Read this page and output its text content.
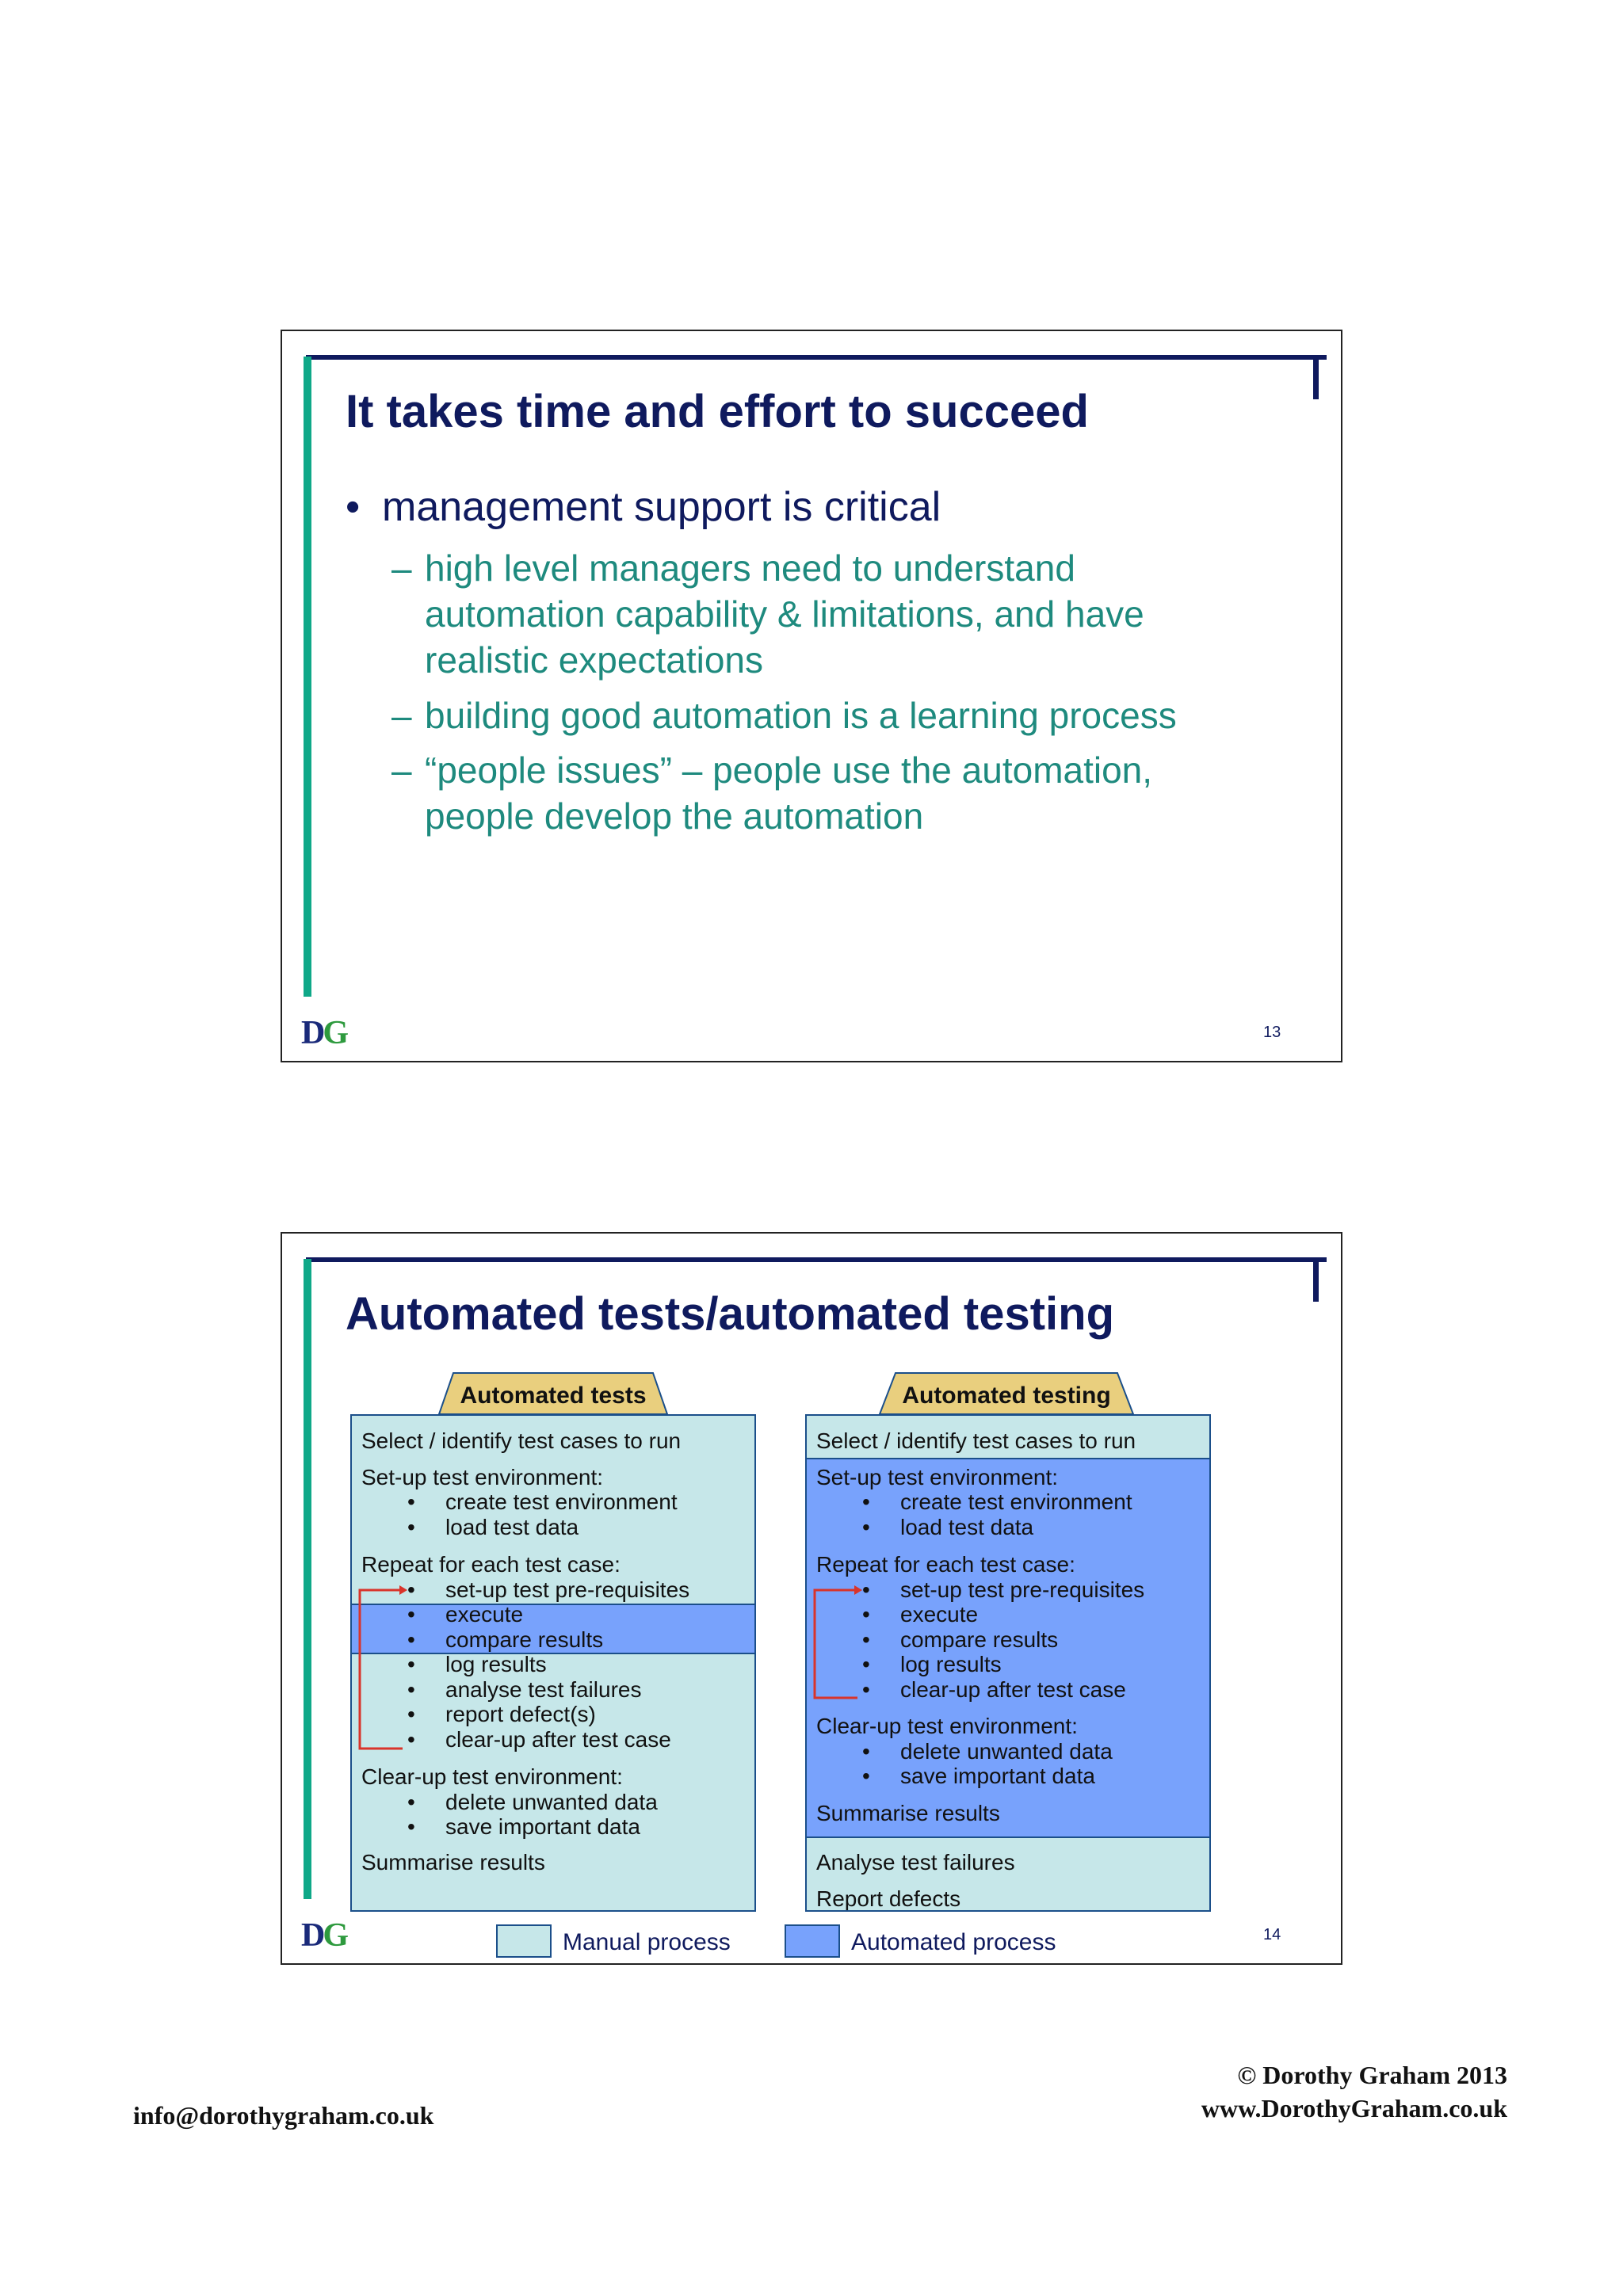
It takes time and effort to succeed
• management support is critical
– high level managers need to understand
automation capability & limitations, and have
realistic expectations
– building good automation is a learning process
– “people issues” – people use the automation,
people develop the automation
DG	13
Automated tests/automated testing
Automated tests	Automated testing
Select / identify test cases to run
Set-up test environment:
• create test environment
• load test data
Repeat for each test case:
• set-up test pre-requisites
• execute
• compare results
• log results
• analyse test failures
• report defect(s)
• clear-up after test case
Clear-up test environment:
• delete unwanted data
• save important data
Summarise results
Select / identify test cases to run
Set-up test environment:
• create test environment
• load test data
Repeat for each test case:
• set-up test pre-requisites
• execute
• compare results
• log results
• clear-up after test case
Clear-up test environment:
• delete unwanted data
• save important data
Summarise results
Analyse test failures
Report defects
Manual process	Automated process
DG	14
info@dorothygraham.co.uk
© Dorothy Graham 2013
www.DorothyGraham.co.uk
